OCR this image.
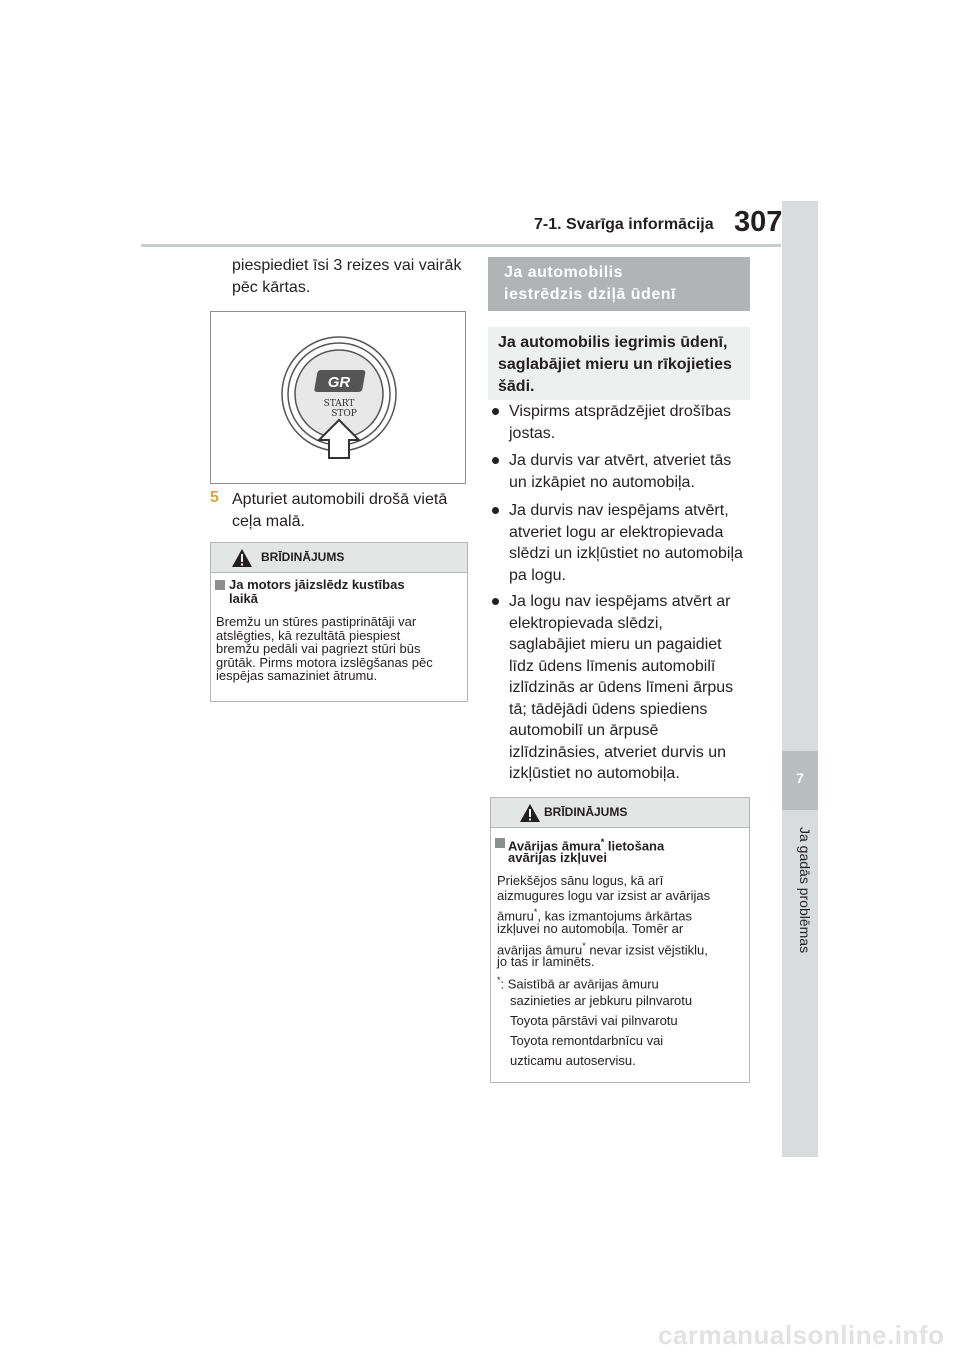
7-1. Svarīga informācija 307
7
Ja gadās problēmas
piespiediet īsi 3 reizes vai vairāk pēc kārtas.
GR
START
STOP
5 Apturiet automobili drošā vietā ceļa malā.
BRĪDINĀJUMS
Ja motors jāizslēdz kustības
laikā
Bremžu un stūres pastiprinātāji var
atslēgties, kā rezultātā piespiest
bremžu pedāli vai pagriezt stūri būs
grūtāk. Pirms motora izslēgšanas pēc
iespējas samaziniet ātrumu.
Ja automobilis
iestrēdzis dziļā ūdenī
Ja automobilis iegrimis ūdenī,
saglabājiet mieru un rīkojieties
šādi.
Vispirms atsprādzējiet drošības
jostas.
Ja durvis var atvērt, atveriet tās
un izkāpiet no automobiļa.
Ja durvis nav iespējams atvērt,
atveriet logu ar elektropievada
slēdzi un izkļūstiet no automobiļa
pa logu.
Ja logu nav iespējams atvērt ar
elektropievada slēdzi,
saglabājiet mieru un pagaidiet
līdz ūdens līmenis automobilī
izlīdzinās ar ūdens līmeni ārpus
tā; tādējādi ūdens spiediens
automobilī un ārpusē
izlīdzināsies, atveriet durvis un
izkļūstiet no automobiļa.
BRĪDINĀJUMS
Avārijas āmura* lietošana
avārijas izkļuvei
Priekšējos sānu logus, kā arī
aizmugures logu var izsist ar avārijas
āmuru*, kas izmantojums ārkārtas
izkļuvei no automobiļa. Tomēr ar
avārijas āmuru* nevar izsist vējstiklu,
jo tas ir laminēts.
*: Saistībā ar avārijas āmuru
sazinieties ar jebkuru pilnvarotu
Toyota pārstāvi vai pilnvarotu
Toyota remontdarbnīcu vai
uzticamu autoservisu.
carmanualsonline.info
